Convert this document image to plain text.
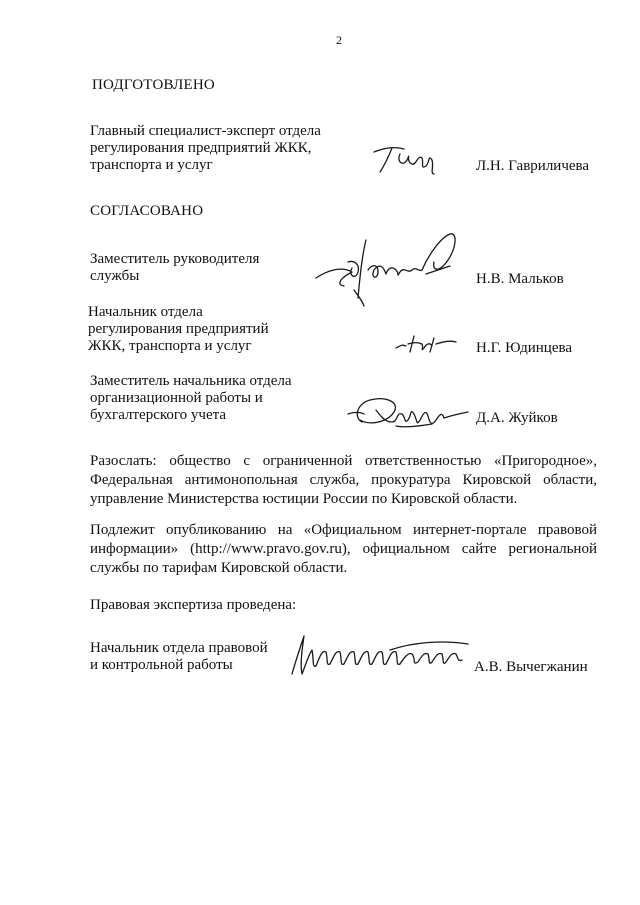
2
ПОДГОТОВЛЕНО
Главный специалист-эксперт отдела
регулирования предприятий ЖКК,
транспорта и услуг	Л.Н. Гавриличева
СОГЛАСОВАНО
Заместитель руководителя
службы	Н.В. Мальков
Начальник отдела
регулирования предприятий
ЖКК, транспорта и услуг	Н.Г. Юдинцева
Заместитель начальника отдела
организационной работы и
бухгалтерского учета	Д.А. Жуйков
Разослать: общество с ограниченной ответственностью «Пригородное»,
Федеральная антимонопольная служба, прокуратура Кировской области,
управление Министерства юстиции России по Кировской области.
Подлежит опубликованию на «Официальном интернет-портале правовой
информации» (http://www.pravo.gov.ru), официальном сайте региональной
службы по тарифам Кировской области.
Правовая экспертиза проведена:
Начальник отдела правовой
и контрольной работы	А.В. Вычегжанин
